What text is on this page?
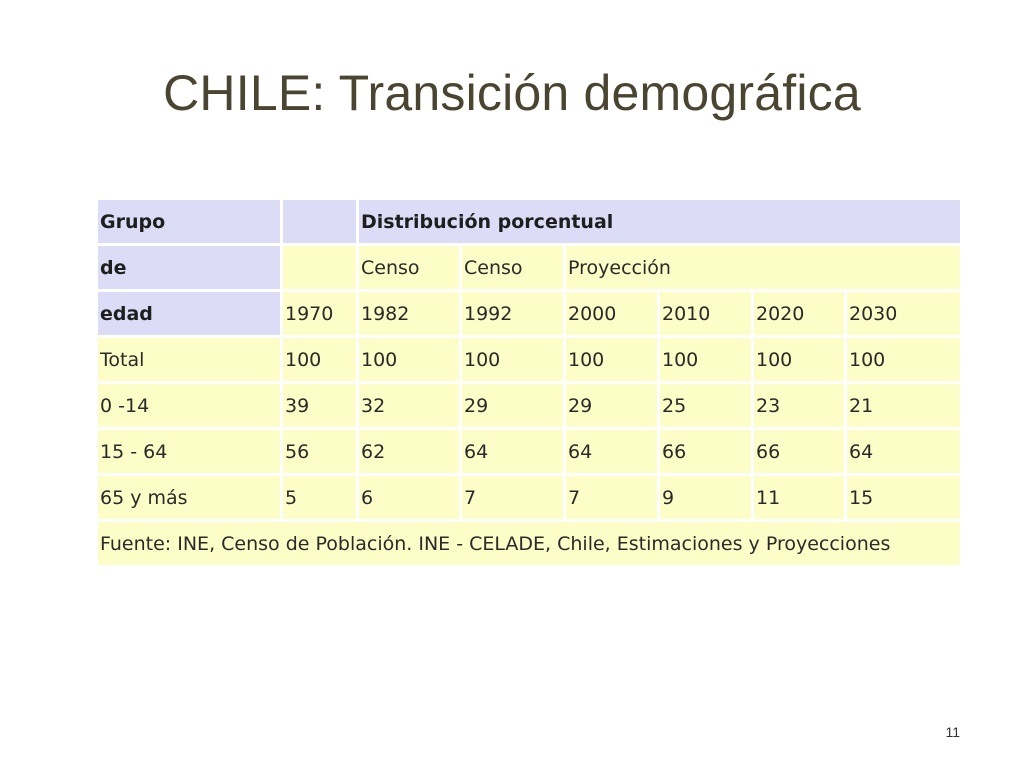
CHILE: Transición demográfica
Grupo		Distribución porcentual					
de		Censo	Censo	Proyección			
edad	1970	1982	1992	2000	2010	2020	2030
Total	100	100	100	100	100	100	100
0 -14	39	32	29	29	25	23	21
15 - 64	56	62	64	64	66	66	64
65 y más	5	6	7	7	9	11	15
Fuente: INE, Censo de Población. INE - CELADE, Chile, Estimaciones y Proyecciones							
11
